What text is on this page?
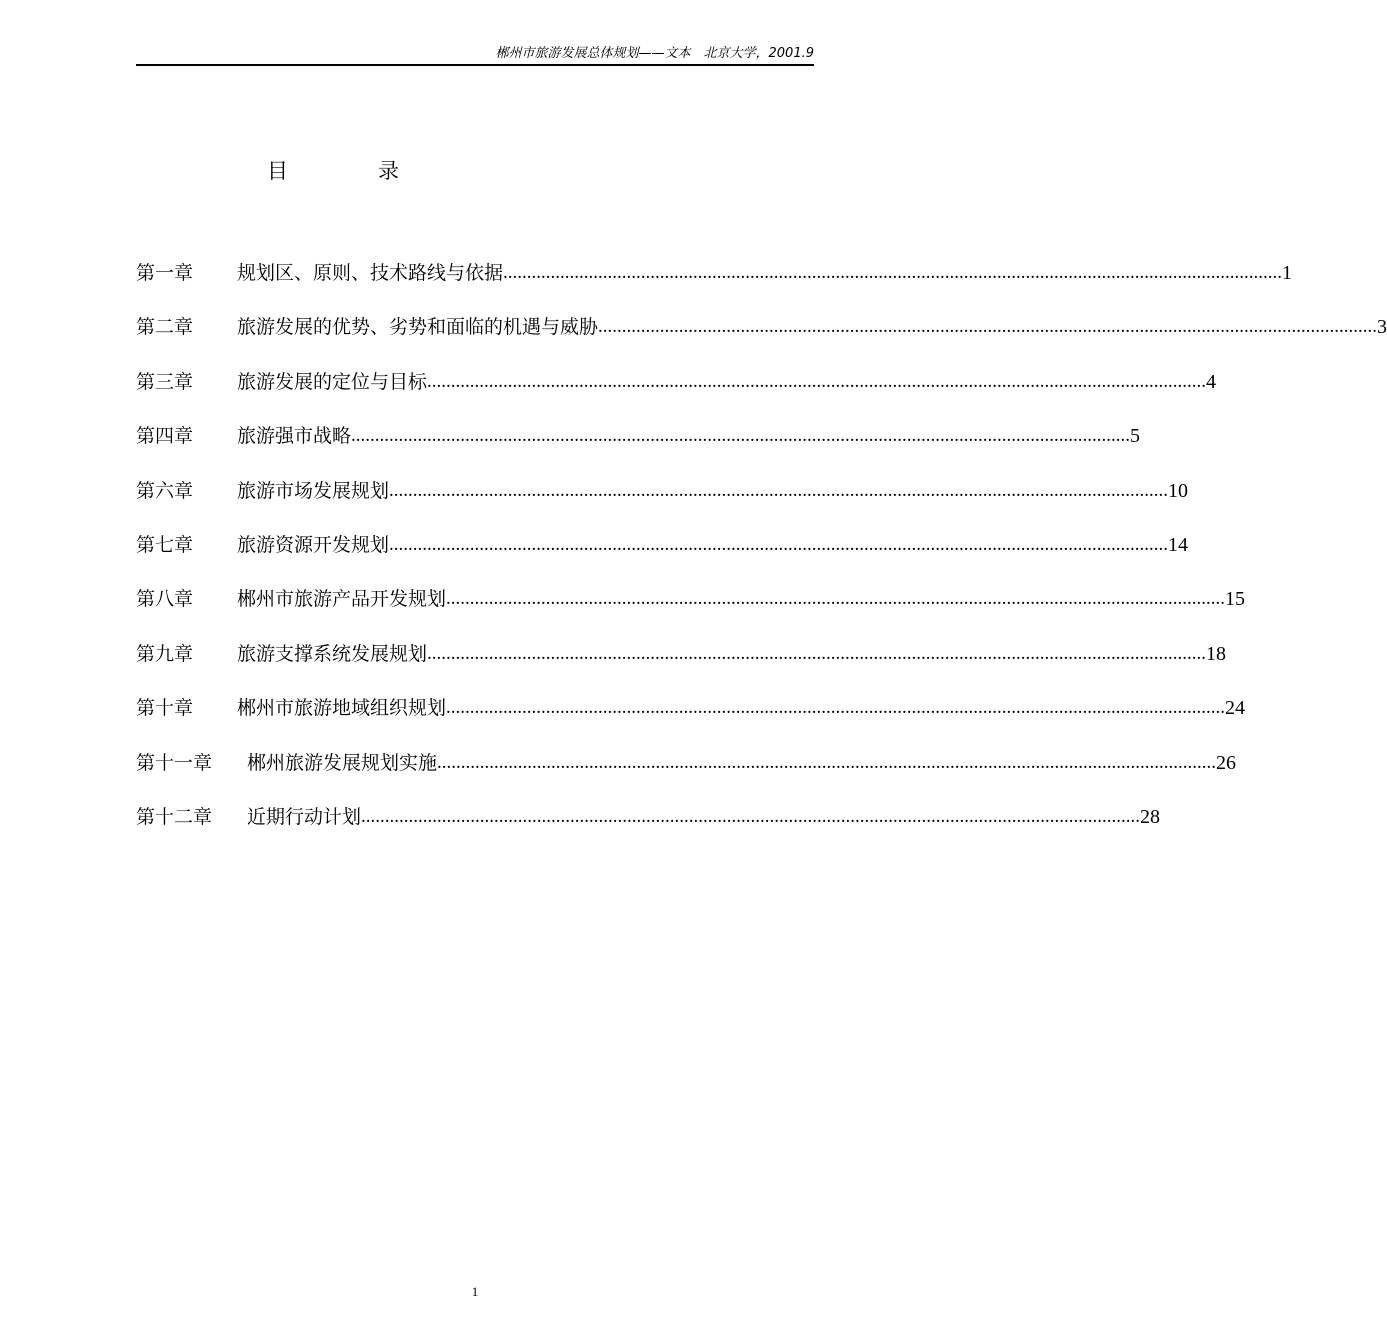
郴州市旅游发展总体规划——文本　北京大学，2001.9
目	录
第一章	规划区、原则、技术路线与依据 .................................................................................................................................................................... 1
第二章	旅游发展的优势、劣势和面临的机遇与威胁 .................................................................................................................................................................... 3
第三章	旅游发展的定位与目标 .................................................................................................................................................................... 4
第四章	旅游强市战略 .................................................................................................................................................................... 5
第六章	旅游市场发展规划 .................................................................................................................................................................... 10
第七章	旅游资源开发规划 .................................................................................................................................................................... 14
第八章	郴州市旅游产品开发规划 .................................................................................................................................................................... 15
第九章	旅游支撑系统发展规划 .................................................................................................................................................................... 18
第十章	郴州市旅游地域组织规划 .................................................................................................................................................................... 24
第十一章	郴州旅游发展规划实施 .................................................................................................................................................................... 26
第十二章	近期行动计划 .................................................................................................................................................................... 28
1
